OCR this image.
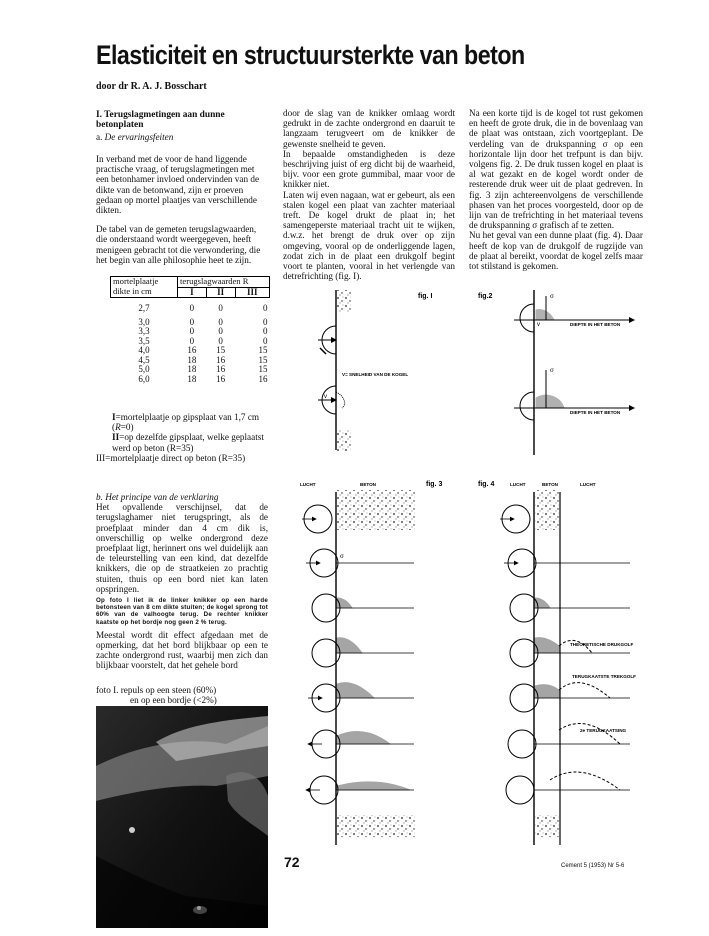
Elasticiteit en structuursterkte van beton
door dr R. A. J. Bosschart

I. Terugslagmetingen aan dunne betonplaten

a. De ervaringsfeiten

In verband met de voor de hand liggende practische vraag, of terugslagmetingen met een betonhamer invloed ondervinden van de dikte van de betonwand, zijn er proeven gedaan op mortel plaatjes van verschillende dikten.

De tabel van de gemeten terugslagwaarden, die onderstaand wordt weergegeven, heeft menigeen gebracht tot die verwondering, die het begin van alle philosophie heet te zijn.

mortelplaatje dikte in cm	terugslagwaarden R		
	I	II	III
2,7	0	0	0

3,0	0	0	0
3,3	0	0	0
3,5	0	0	0
4,0	16	15	15
4,5	18	16	15
5,0	18	16	15
6,0	18	16	16

I=mortelplaatje op gipsplaat van 1,7 cm

(R=0)

II=op dezelfde gipsplaat, welke geplaatst

werd op beton (R=35)

III=mortelplaatje direct op beton (R=35)

b. Het principe van de verklaring

Het opvallende verschijnsel, dat de terugslaghamer niet terugspringt, als de proefplaat minder dan 4 cm dik is, onverschillig op welke ondergrond deze proefplaat ligt, herinnert ons wel duidelijk aan de teleurstelling van een kind, dat dezelfde knikkers, die op de straatkeien zo prachtig stuiten, thuis op een bord niet kan laten opspringen.

Op foto I liet ik de linker knikker op een harde betonsteen van 8 cm dikte stuiten; de kogel sprong tot 60% van de valhoogte terug. De rechter knikker kaatste op het bordje nog geen 2 % terug.

Meestal wordt dit effect afgedaan met de opmerking, dat het bord blijkbaar op een te zachte ondergrond rust, waarbij men zich dan blijkbaar voorstelt, dat het gehele bord

foto I. repuls op een steen (60%)

en op een bordje (<2%)

door de slag van de knikker omlaag wordt gedrukt in de zachte ondergrond en daaruit te langzaam terugveert om de knikker de gewenste snelheid te geven.

In bepaalde omstandigheden is deze beschrijving juist of erg dicht bij de waarheid, bijv. voor een grote gummibal, maar voor de knikker niet.

Laten wij even nagaan, wat er gebeurt, als een stalen kogel een plaat van zachter materiaal treft. De kogel drukt de plaat in; het samengeperste materiaal tracht uit te wijken, d.w.z. het brengt de druk over op zijn omgeving, vooral op de onderliggende lagen, zodat zich in de plaat een drukgolf begint voort te planten, vooral in het verlengde van detrefrichting (fig. I).

Na een korte tijd is de kogel tot rust gekomen en heeft de grote druk, die in de bovenlaag van de plaat was ontstaan, zich voortgeplant. De verdeling van de drukspanning σ op een horizontale lijn door het trefpunt is dan bijv. volgens fig. 2. De druk tussen kogel en plaat is al wat gezakt en de kogel wordt onder de resterende druk weer uit de plaat gedreven. In fig. 3 zijn achtereenvolgens de verschillende phasen van het proces voorgesteld, door op de lijn van de trefrichting in het materiaal tevens de drukspanning σ grafisch af te zetten.

Nu het geval van een dunne plaat (fig. 4). Daar heeft de kop van de drukgolf de rugzijde van de plaat al bereikt, voordat de kogel zelfs maar tot stilstand is gekomen.

v
fig. I
V= SNELHEID VAN DE KOGEL
fig.2
DIEPTE IN HET BETON
DIEPTE IN HET BETON
σ
σ
v
fig. 3
LUCHT	BETON
σ
fig. 4	LUCHT	BETON	LUCHT
THEORETISCHE DRUKGOLF
TERUGKAATSTE TREKGOLF
2e TERUGKAATSING
72	Cement 5 (1953) Nr 5-6
